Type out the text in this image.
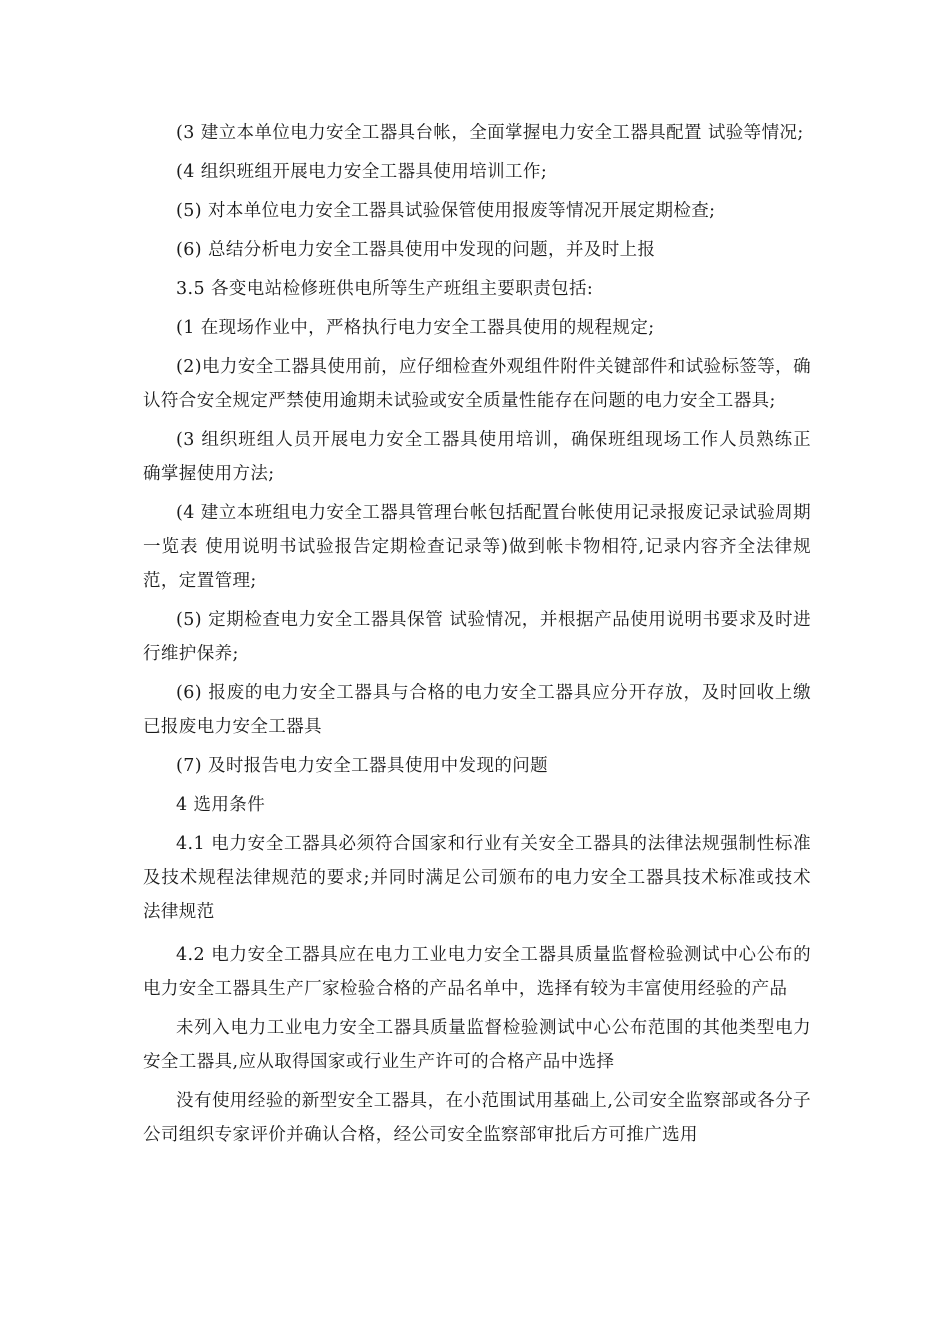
(3 建立本单位电力安全工器具台帐，全面掌握电力安全工器具配置 试验等情况;

(4 组织班组开展电力安全工器具使用培训工作;

(5) 对本单位电力安全工器具试验保管使用报废等情况开展定期检查;

(6) 总结分析电力安全工器具使用中发现的问题，并及时上报

3.5 各变电站检修班供电所等生产班组主要职责包括:

(1 在现场作业中，严格执行电力安全工器具使用的规程规定;

(2)电力安全工器具使用前，应仔细检查外观组件附件关键部件和试验标签等，确认符合安全规定严禁使用逾期未试验或安全质量性能存在问题的电力安全工器具;

(3 组织班组人员开展电力安全工器具使用培训，确保班组现场工作人员熟练正 确掌握使用方法;

(4 建立本班组电力安全工器具管理台帐包括配置台帐使用记录报废记录试验周期一览表 使用说明书试验报告定期检查记录等)做到帐卡物相符,记录内容齐全法律规范，定置管理;

(5) 定期检查电力安全工器具保管 试验情况，并根据产品使用说明书要求及时进行维护保养;

(6) 报废的电力安全工器具与合格的电力安全工器具应分开存放，及时回收上缴已报废电力安全工器具

(7) 及时报告电力安全工器具使用中发现的问题

4 选用条件

4.1 电力安全工器具必须符合国家和行业有关安全工器具的法律法规强制性标准及技术规程法律规范的要求;并同时满足公司颁布的电力安全工器具技术标准或技术法律规范

4.2 电力安全工器具应在电力工业电力安全工器具质量监督检验测试中心公布的电力安全工器具生产厂家检验合格的产品名单中，选择有较为丰富使用经验的产品

未列入电力工业电力安全工器具质量监督检验测试中心公布范围的其他类型电力安全工器具,应从取得国家或行业生产许可的合格产品中选择

没有使用经验的新型安全工器具，在小范围试用基础上,公司安全监察部或各分子公司组织专家评价并确认合格，经公司安全监察部审批后方可推广选用
